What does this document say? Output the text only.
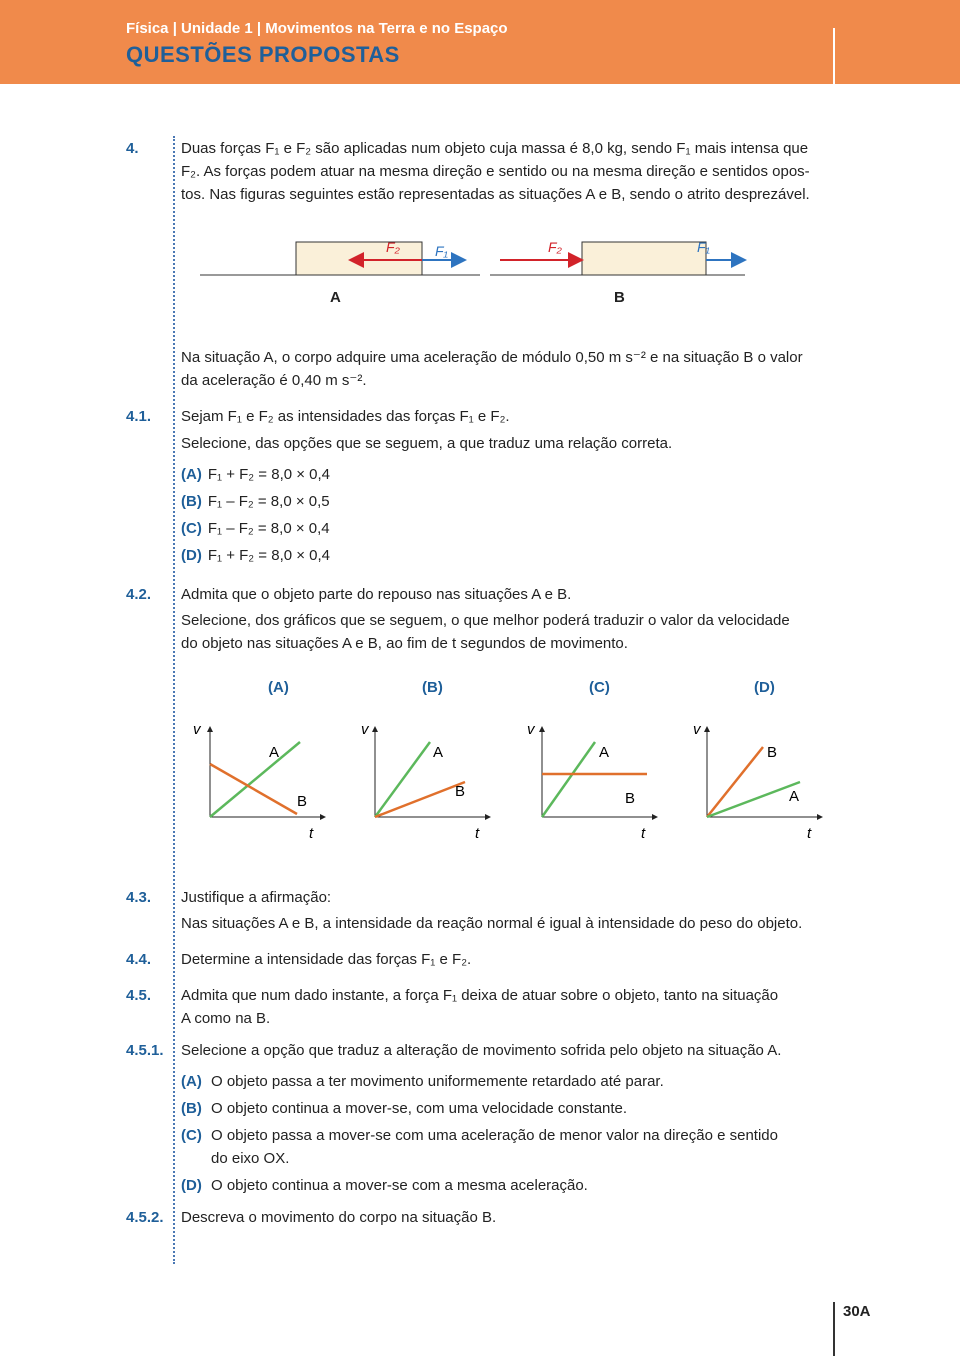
Física | Unidade 1 | Movimentos na Terra e no Espaço
QUESTÕES PROPOSTAS
4.	Duas forças F₁ e F₂ são aplicadas num objeto cuja massa é 8,0 kg, sendo F₁ mais intensa que
F₂. As forças podem atuar na mesma direção e sentido ou na mesma direção e sentidos opos-
tos. Nas figuras seguintes estão representadas as situações A e B, sendo o atrito desprezável.
F₂	F₁
A
F₂	F₁
B
Na situação A, o corpo adquire uma aceleração de módulo 0,50 m s⁻² e na situação B o valor
da aceleração é 0,40 m s⁻².
4.1. Sejam F₁ e F₂ as intensidades das forças F₁ e F₂.
Selecione, das opções que se seguem, a que traduz uma relação correta.
(A) F₁ + F₂ = 8,0 × 0,4
(B) F₁ – F₂ = 8,0 × 0,5
(C) F₁ – F₂ = 8,0 × 0,4
(D) F₁ + F₂ = 8,0 × 0,4
4.2. Admita que o objeto parte do repouso nas situações A e B.
Selecione, dos gráficos que se seguem, o que melhor poderá traduzir o valor da velocidade
do objeto nas situações A e B, ao fim de t segundos de movimento.
(A)	(B)	(C)	(D)
v
t
A
B
v
t
A
B
v
t
A
B
v
t
B
A
4.3. Justifique a afirmação:
Nas situações A e B, a intensidade da reação normal é igual à intensidade do peso do objeto.
4.4. Determine a intensidade das forças F₁ e F₂.
4.5. Admita que num dado instante, a força F₁ deixa de atuar sobre o objeto, tanto na situação
A como na B.
4.5.1. Selecione a opção que traduz a alteração de movimento sofrida pelo objeto na situação A.
(A) O objeto passa a ter movimento uniformemente retardado até parar.
(B) O objeto continua a mover-se, com uma velocidade constante.
(C) O objeto passa a mover-se com uma aceleração de menor valor na direção e sentido
do eixo OX.
(D) O objeto continua a mover-se com a mesma aceleração.
4.5.2. Descreva o movimento do corpo na situação B.
30A
